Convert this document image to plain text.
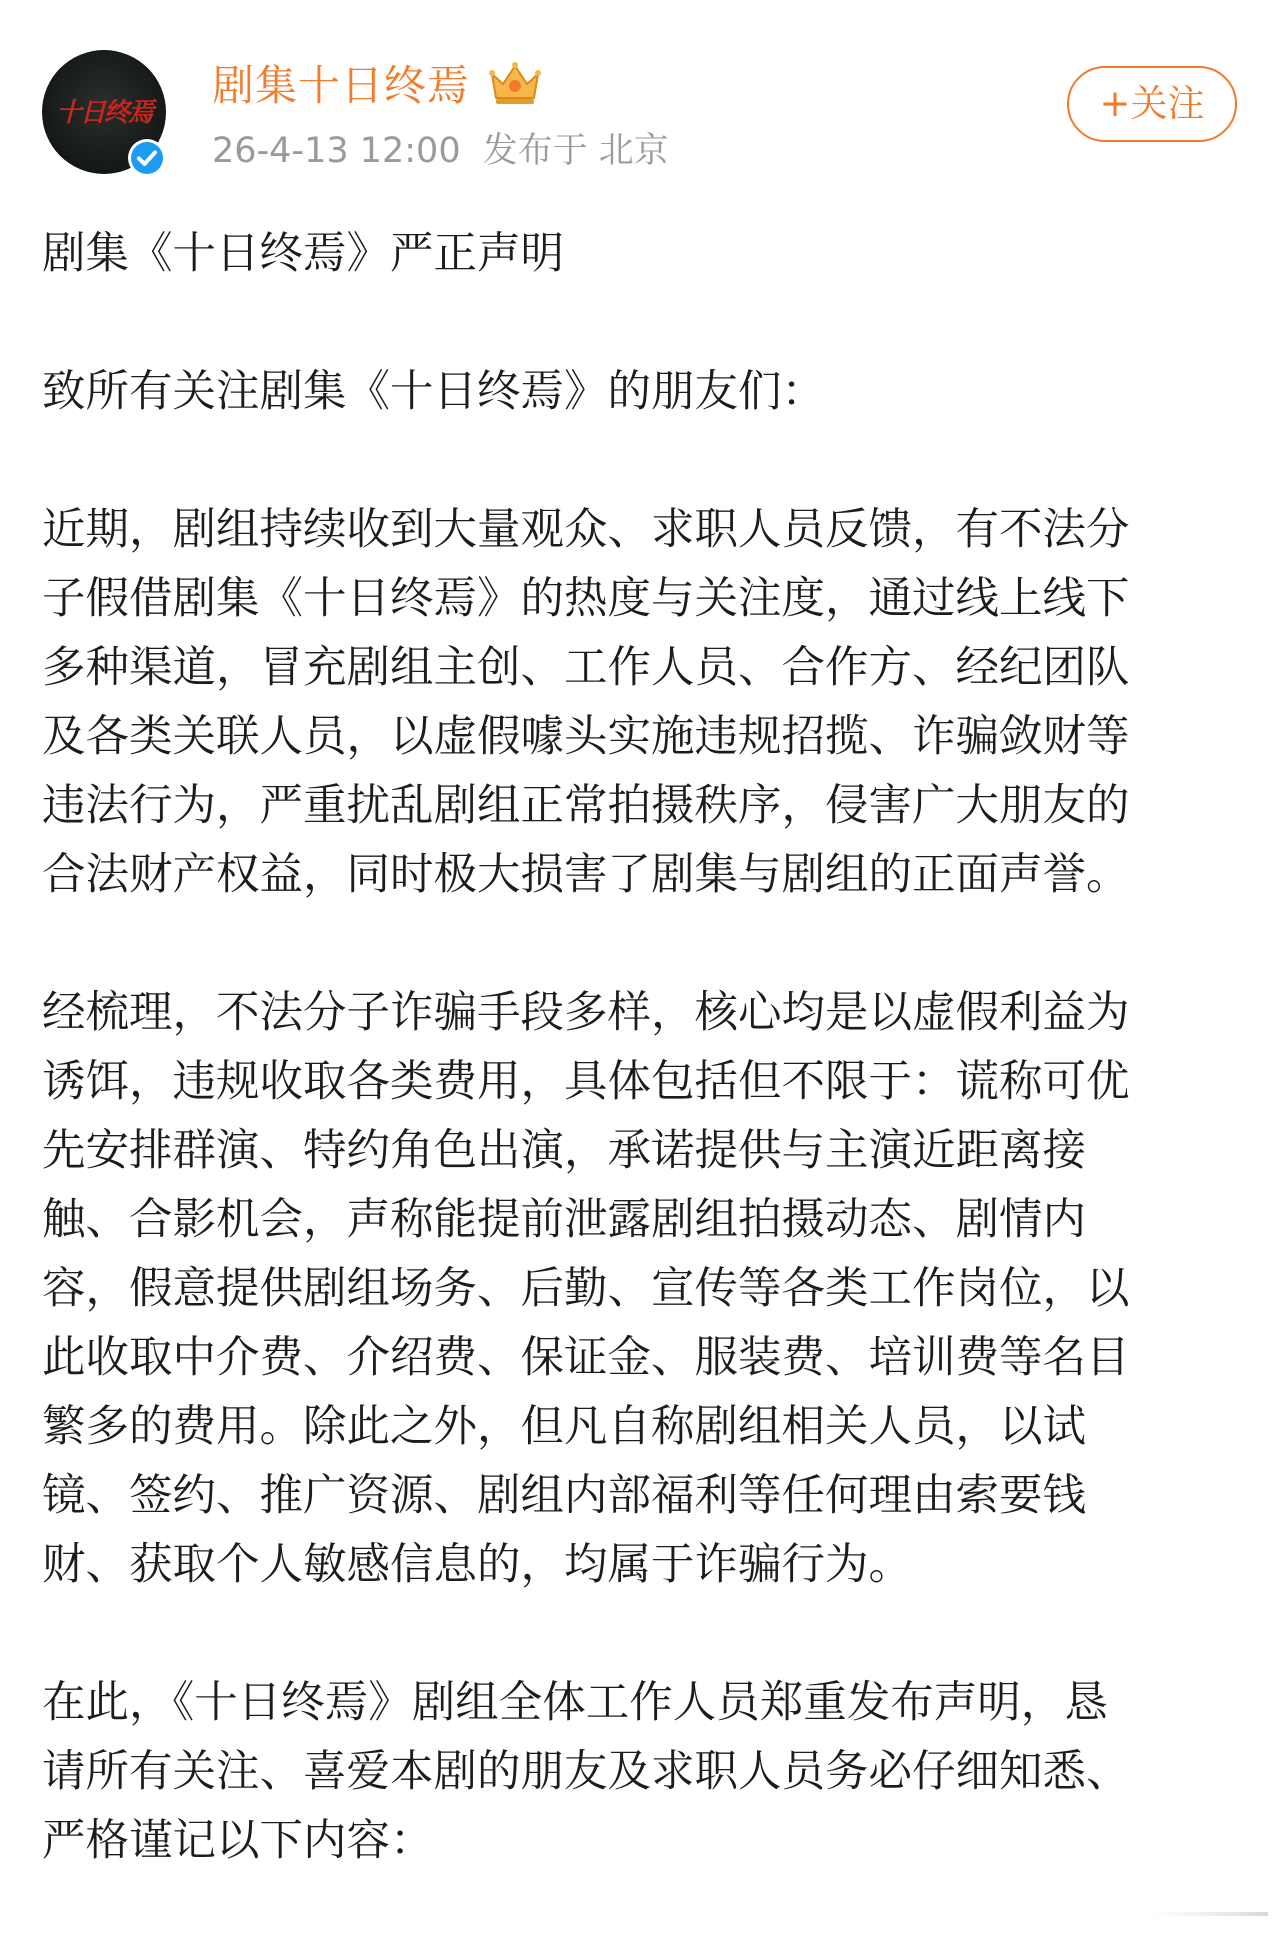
十日终焉
剧集十日终焉
26-4-13 12:00 发布于 北京
+关注

剧集《十日终焉》严正声明

致所有关注剧集《十日终焉》的朋友们：

近期，剧组持续收到大量观众、求职人员反馈，有不法分

子假借剧集《十日终焉》的热度与关注度，通过线上线下

多种渠道，冒充剧组主创、工作人员、合作方、经纪团队

及各类关联人员，以虚假噱头实施违规招揽、诈骗敛财等

违法行为，严重扰乱剧组正常拍摄秩序，侵害广大朋友的

合法财产权益，同时极大损害了剧集与剧组的正面声誉。

经梳理，不法分子诈骗手段多样，核心均是以虚假利益为

诱饵，违规收取各类费用，具体包括但不限于：谎称可优

先安排群演、特约角色出演，承诺提供与主演近距离接

触、合影机会，声称能提前泄露剧组拍摄动态、剧情内

容，假意提供剧组场务、后勤、宣传等各类工作岗位，以

此收取中介费、介绍费、保证金、服装费、培训费等名目

繁多的费用。除此之外，但凡自称剧组相关人员，以试

镜、签约、推广资源、剧组内部福利等任何理由索要钱

财、获取个人敏感信息的，均属于诈骗行为。

在此，《十日终焉》剧组全体工作人员郑重发布声明，恳

请所有关注、喜爱本剧的朋友及求职人员务必仔细知悉、

严格谨记以下内容：
